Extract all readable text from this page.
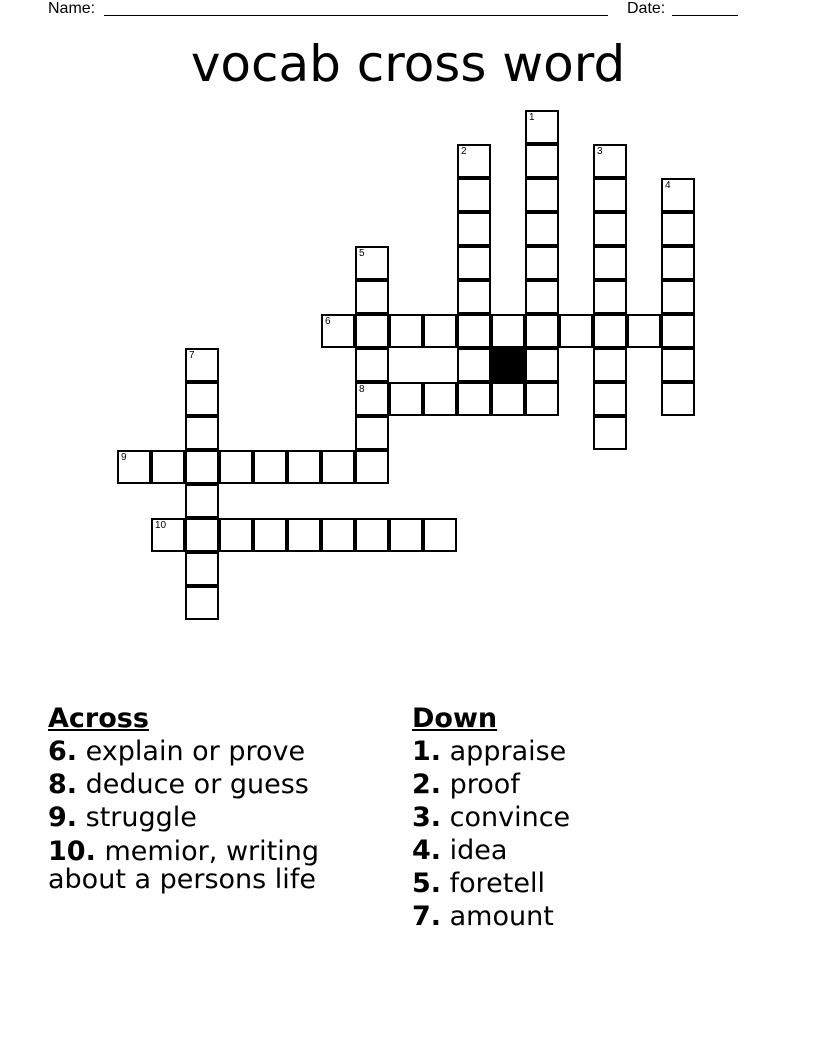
Name:	Date:
vocab cross word
1
2	3
4
5
8
6
7
9
10
Across
6. explain or prove
8. deduce or guess
9. struggle
10. memior, writing about a persons life
Down
1. appraise
2. proof
3. convince
4. idea
5. foretell
7. amount
